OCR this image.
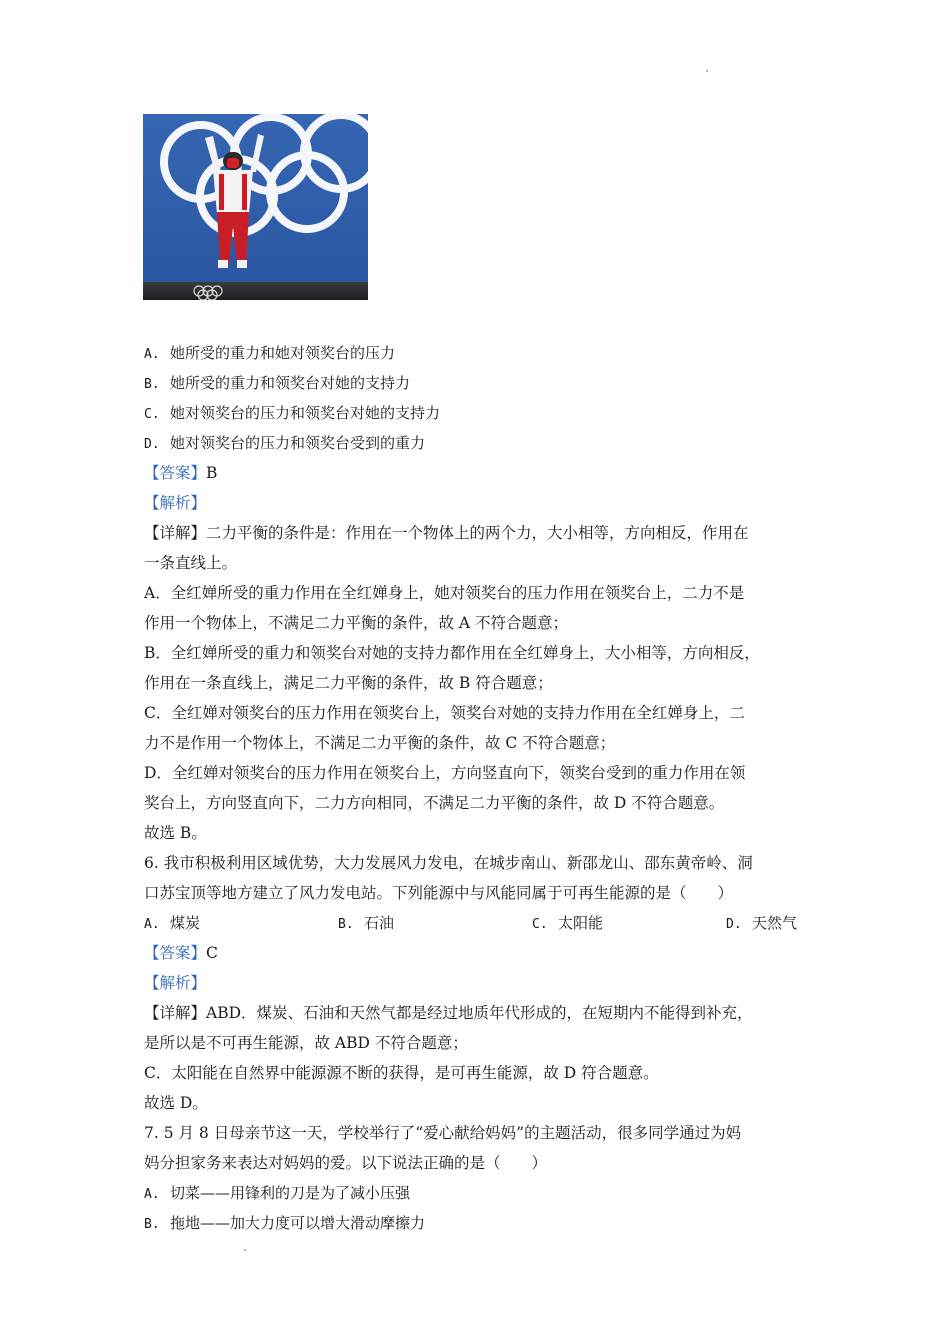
A. 她所受的重力和她对领奖台的压力
B. 她所受的重力和领奖台对她的支持力
C. 她对领奖台的压力和领奖台对她的支持力
D. 她对领奖台的压力和领奖台受到的重力
【答案】B
【解析】
【详解】二力平衡的条件是：作用在一个物体上的两个力，大小相等，方向相反，作用在
一条直线上。
A．全红婵所受的重力作用在全红婵身上，她对领奖台的压力作用在领奖台上，二力不是
作用一个物体上，不满足二力平衡的条件，故 A 不符合题意；
B．全红婵所受的重力和领奖台对她的支持力都作用在全红婵身上，大小相等，方向相反，
作用在一条直线上，满足二力平衡的条件，故 B 符合题意；
C．全红婵对领奖台的压力作用在领奖台上，领奖台对她的支持力作用在全红婵身上，二
力不是作用一个物体上，不满足二力平衡的条件，故 C 不符合题意；
D．全红婵对领奖台的压力作用在领奖台上，方向竖直向下，领奖台受到的重力作用在领
奖台上，方向竖直向下，二力方向相同，不满足二力平衡的条件，故 D 不符合题意。
故选 B。
6. 我市积极利用区域优势，大力发展风力发电，在城步南山、新邵龙山、邵东黄帝岭、洞
口苏宝顶等地方建立了风力发电站。下列能源中与风能同属于可再生能源的是（　　）
A. 煤炭	B. 石油	C. 太阳能	D. 天然气
【答案】C
【解析】
【详解】ABD．煤炭、石油和天然气都是经过地质年代形成的，在短期内不能得到补充，
是所以是不可再生能源，故 ABD 不符合题意；
C．太阳能在自然界中能源源不断的获得，是可再生能源，故 D 符合题意。
故选 D。
7. 5 月 8 日母亲节这一天，学校举行了“爱心献给妈妈”的主题活动，很多同学通过为妈
妈分担家务来表达对妈妈的爱。以下说法正确的是（　　）
A. 切菜——用锋利的刀是为了减小压强
B. 拖地——加大力度可以增大滑动摩擦力
